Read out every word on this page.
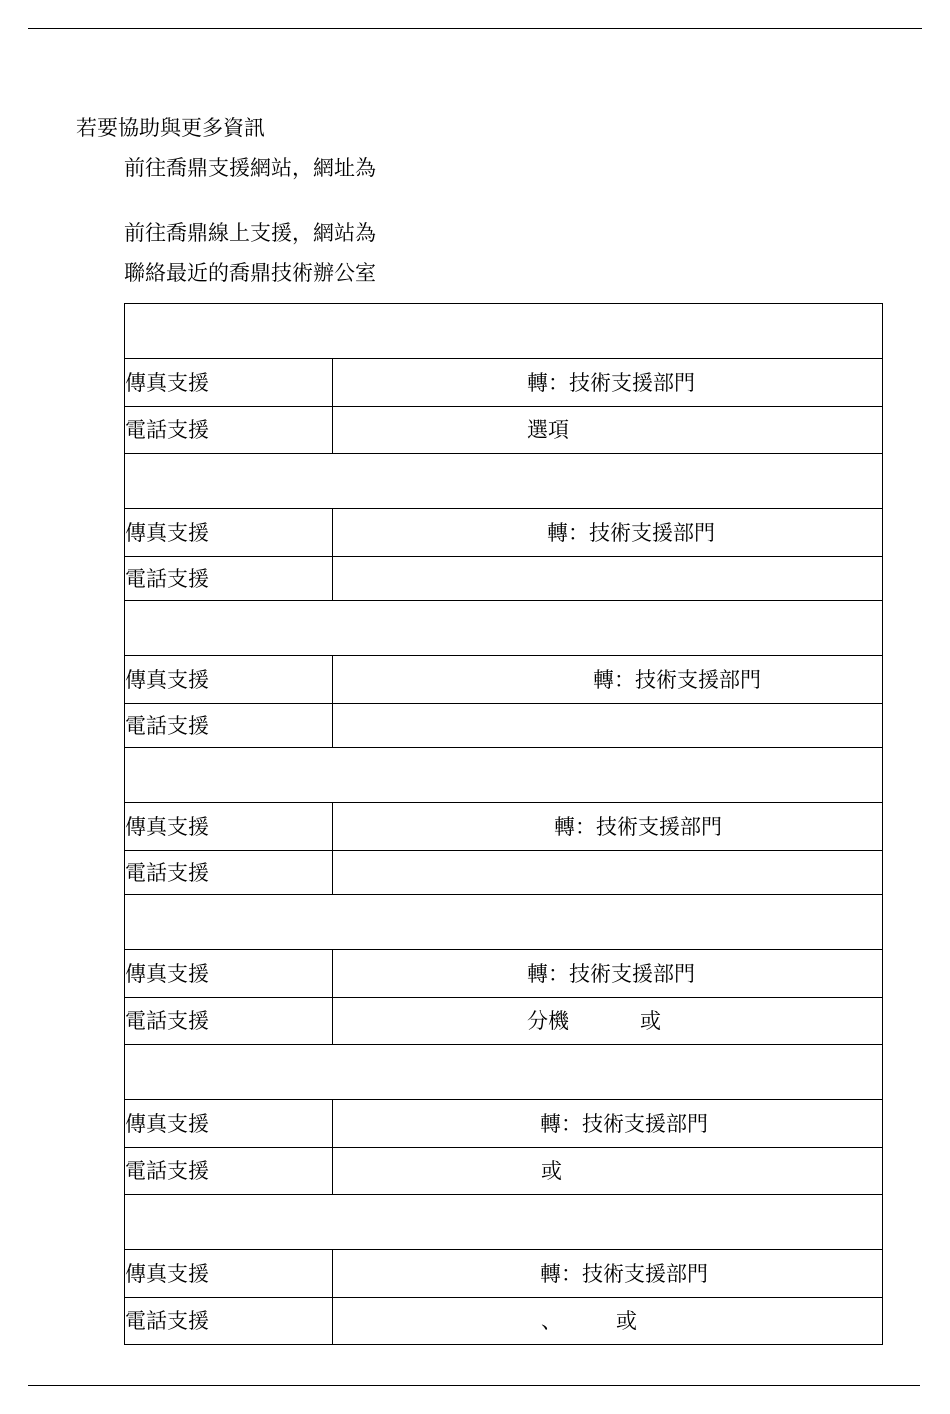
若要協助與更多資訊
前往喬鼎支援網站，網址為
前往喬鼎線上支援，網站為
聯絡最近的喬鼎技術辦公室

傳真支援	轉：技術支援部門

電話支援	選項

傳真支援	轉：技術支援部門

電話支援	

傳真支援	轉：技術支援部門

電話支援	

傳真支援	轉：技術支援部門

電話支援	

傳真支援	轉：技術支援部門

電話支援	分機 或

傳真支援	轉：技術支援部門

電話支援	或

傳真支援	轉：技術支援部門

電話支援	、 或
